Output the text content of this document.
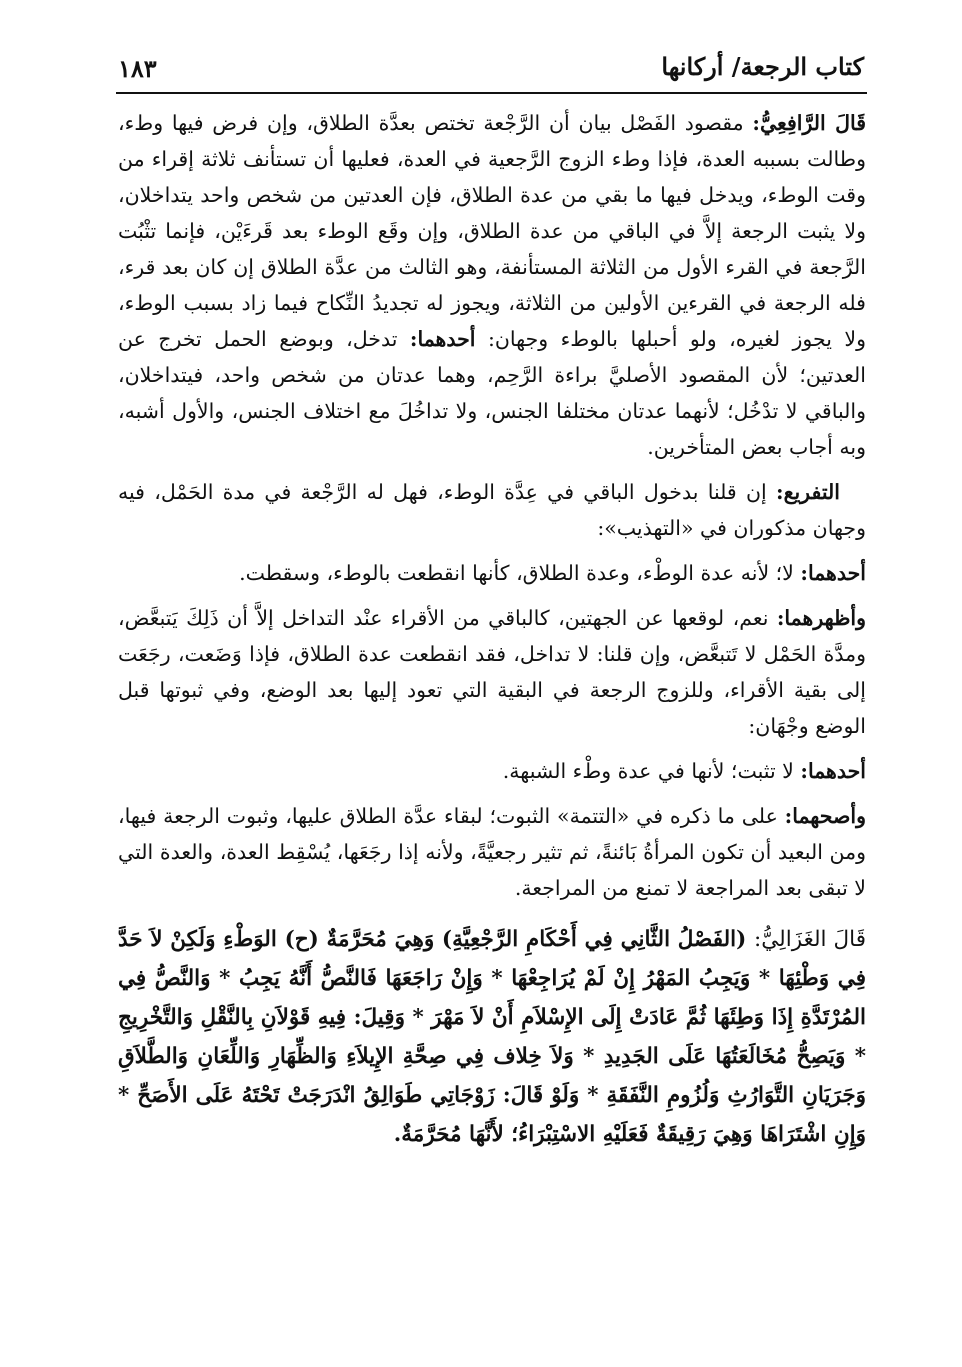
كتاب الرجعة/ أركانها
١٨٣

قَالَ الرَّافِعِيُّ: مقصود الفَصْل بيان أن الرَّجْعة تختص بعدَّة الطلاق، وإن فرض فيها وطء، وطالت بسببه العدة، فإذا وطء الزوج الرَّجعية في العدة، فعليها أن تستأنف ثلاثة إقراء من وقت الوطء، ويدخل فيها ما بقي من عدة الطلاق، فإن العدتين من شخص واحد يتداخلان، ولا يثبت الرجعة إلاَّ في الباقي من عدة الطلاق، وإن وقَع الوطء بعد قَرءَيْن، فإنما تثْبُت الرَّجعة في القرء الأول من الثلاثة المستأنفة، وهو الثالث من عدَّة الطلاق إن كان بعد قرء، فله الرجعة في القرءين الأولين من الثلاثة، ويجوز له تجديدُ النِّكاح فيما زاد بسبب الوطء، ولا يجوز لغيره، ولو أحبلها بالوطء وجهان: أحدهما: تدخل، وبوضع الحمل تخرج عن العدتين؛ لأن المقصود الأصليَّ براءة الرَّحِم، وهما عدتان من شخص واحد، فيتداخلان، والباقي لا تدْخُل؛ لأنهما عدتان مختلفا الجنس، ولا تداخُلَ مع اختلاف الجنس، والأول أشبه، وبه أجاب بعض المتأخرين.

التفريع: إن قلنا بدخول الباقي في عِدَّة الوطء، فهل له الرَّجْعة في مدة الحَمْل، فيه وجهان مذكوران في «التهذيب»:

أحدهما: لا؛ لأنه عدة الوطْء، وعدة الطلاق، كأنها انقطعت بالوطء، وسقطت.

وأظهرهما: نعم، لوقعها عن الجهتين، كالباقي من الأقراء عنْد التداخل إلاَّ أن ذَلِكَ يَتبعَّض، ومدَّة الحَمْل لا تَتبعَّض، وإن قلنا: لا تداخل، فقد انقطعت عدة الطلاق، فإذا وَضَعت، رجَعَت إلى بقية الأقراء، وللزوج الرجعة في البقية التي تعود إليها بعد الوضع، وفي ثبوتها قبل الوضع وجْهَان:

أحدهما: لا تثبت؛ لأنها في عدة وطْء الشبهة.

وأصحهما: على ما ذكره في «التتمة» الثبوت؛ لبقاء عدَّة الطلاق عليها، وثبوت الرجعة فيها، ومن البعيد أن تكون المرأةُ بَائنةً، ثم تثير رجعيَّةً، ولأنه إذا رجَعَها، يُسْقِط العدة، والعدة التي لا تبقى بعد المراجعة لا تمنع من المراجعة.

قَالَ الغَزَالِيُّ: (الفَصْلُ الثَّانِي فِي أَحْكَامِ الرَّجْعِيَّةِ) وَهِيَ مُحَرَّمَةٌ (ح) الوَطْءِ وَلَكِنْ لاَ حَدَّ فِي وَطْئِهَا * وَيَجِبُ المَهْرُ إِنْ لَمْ يُرَاجِعْهَا * وَإِنْ رَاجَعَهَا فَالنَّصُّ أَنَّهُ يَجِبُ * وَالنَّصُّ فِي المُرْتَدَّةِ إِذَا وَطِئَهَا ثُمَّ عَادَتْ إِلَى الإِسْلاَمِ أَنْ لاَ مَهْرَ * وَقِيلَ: فِيهِ قَوْلاَنِ بِالنَّقْلِ وَالتَّخْرِيجِ * وَيَصِحُّ مُخَالَعَتُهَا عَلَى الجَدِيدِ * وَلاَ خِلاف فِي صِحَّةِ الإِيلاَءِ وَالظِّهَارِ وَاللِّعَانِ وَالطَّلاَقِ وَجَرَيَانِ التَّوَارُثِ وَلُزُومِ النَّفَقَةِ * وَلَوْ قَالَ: زَوْجَاتِي طَوَالِقُ انْدَرَجَتْ تَحْتَهُ عَلَى الأَصَحِّ * وَإِنِ اشْتَرَاهَا وَهِيَ رَقِيقَةٌ فَعَلَيْهِ الاسْتِبْرَاءُ؛ لأَنَّهَا مُحَرَّمَةٌ.
